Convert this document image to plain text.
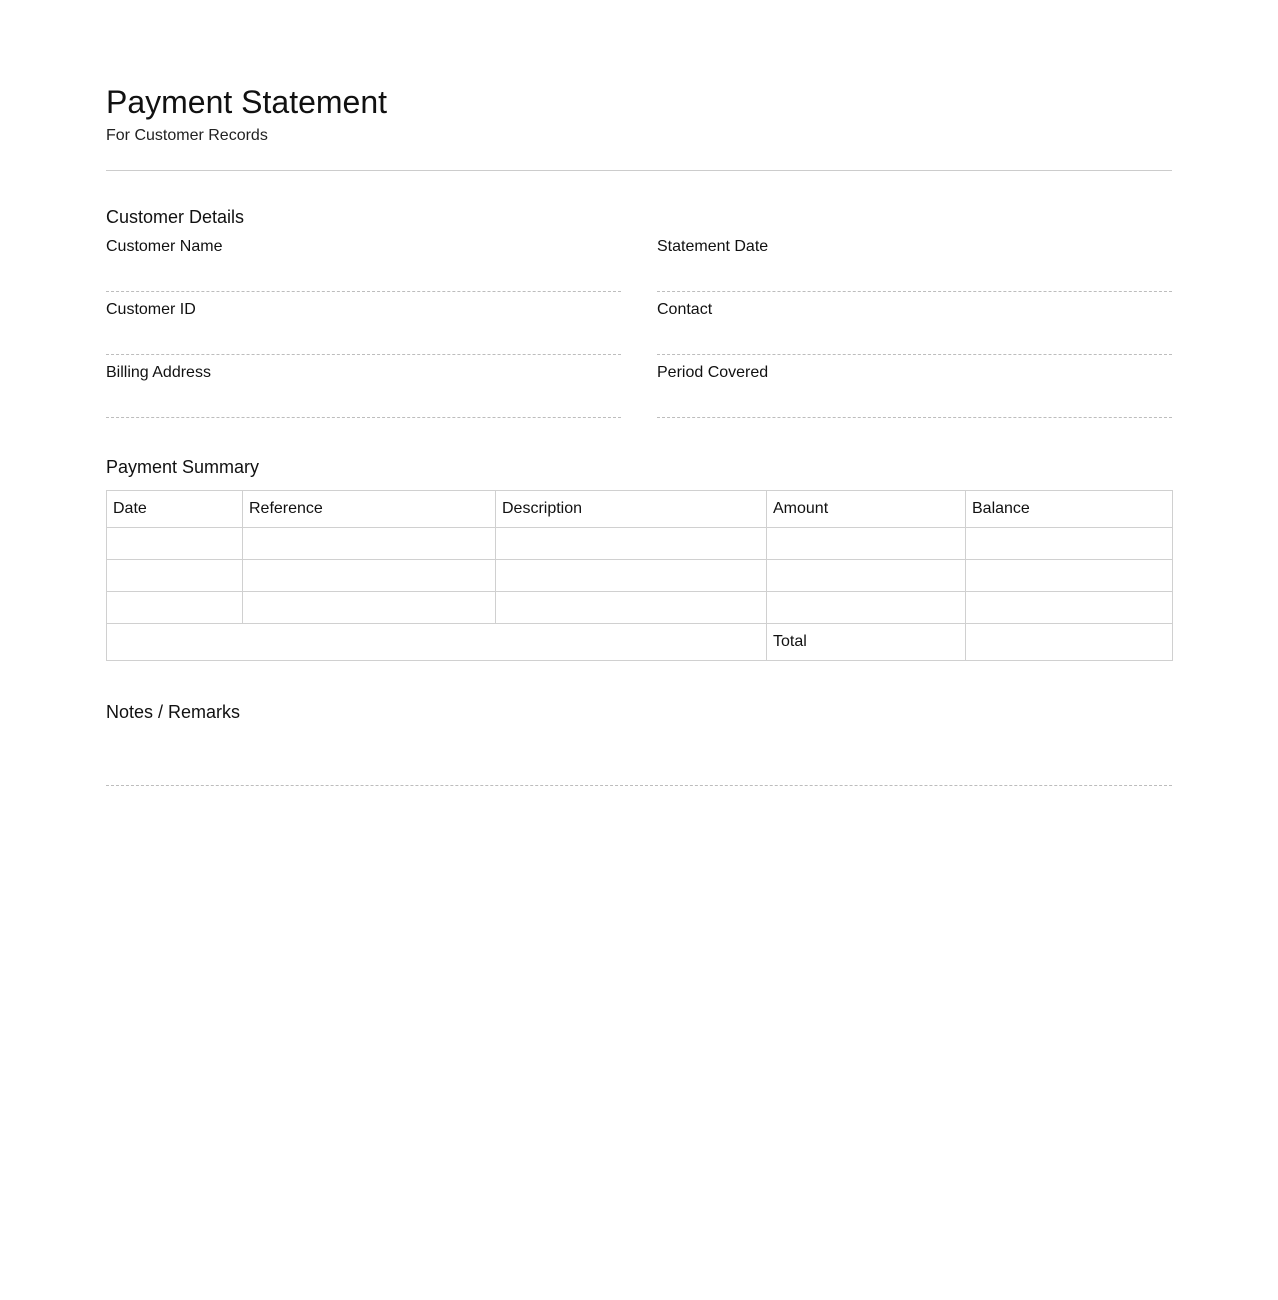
Payment Statement

For Customer Records

Customer Details
Customer Name	Statement Date
Customer ID	Contact
Billing Address	Period Covered
Payment Summary
Date	Reference	Description	Amount	Balance

			Total	
Notes / Remarks
